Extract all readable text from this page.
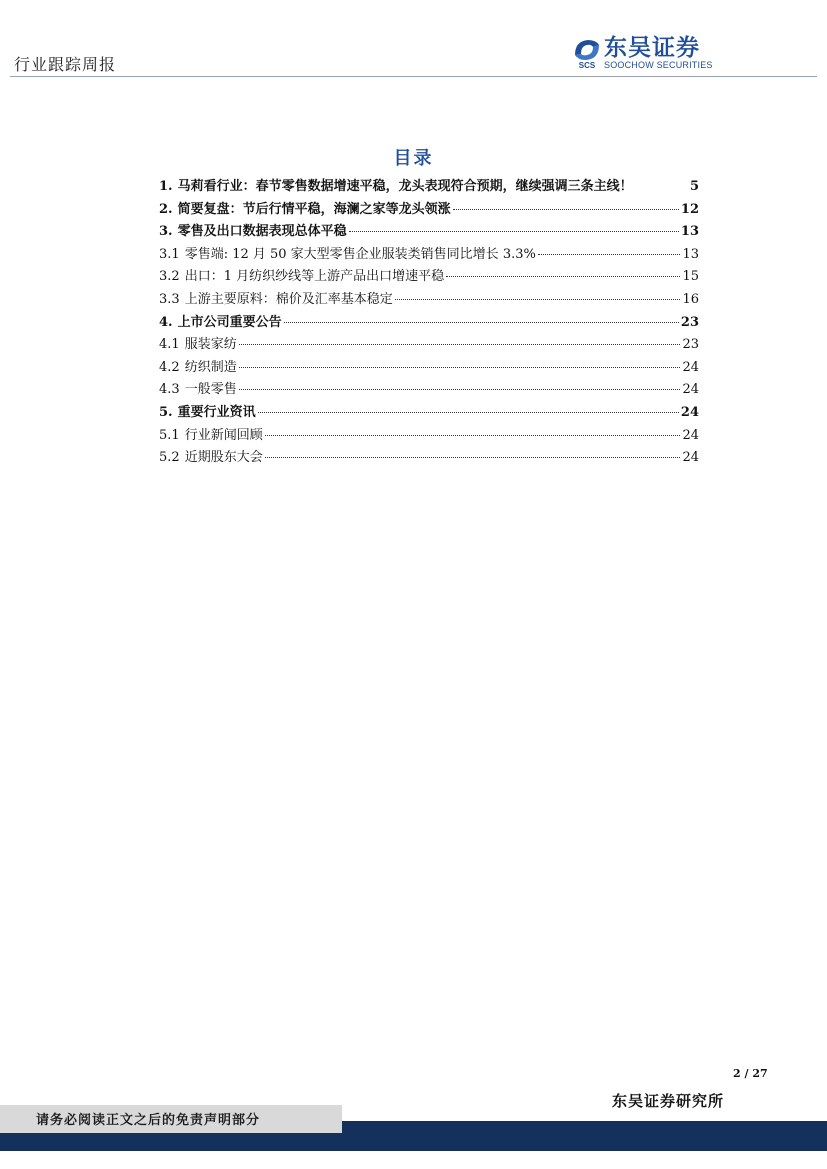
行业跟踪周报	SCS
东吴证券
SOOCHOW SECURITIES
目录
1. 马莉看行业：春节零售数据增速平稳，龙头表现符合预期，继续强调三条主线！	5
2. 简要复盘：节后行情平稳，海澜之家等龙头领涨	12
3. 零售及出口数据表现总体平稳	13
3.1 零售端: 12 月 50 家大型零售企业服装类销售同比增长 3.3%	13
3.2 出口：1 月纺织纱线等上游产品出口增速平稳	15
3.3 上游主要原料：棉价及汇率基本稳定	16
4. 上市公司重要公告	23
4.1 服装家纺	23
4.2 纺织制造	24
4.3 一般零售	24
5. 重要行业资讯	24
5.1 行业新闻回顾	24
5.2 近期股东大会	24
2 / 27
东吴证券研究所
请务必阅读正文之后的免责声明部分
